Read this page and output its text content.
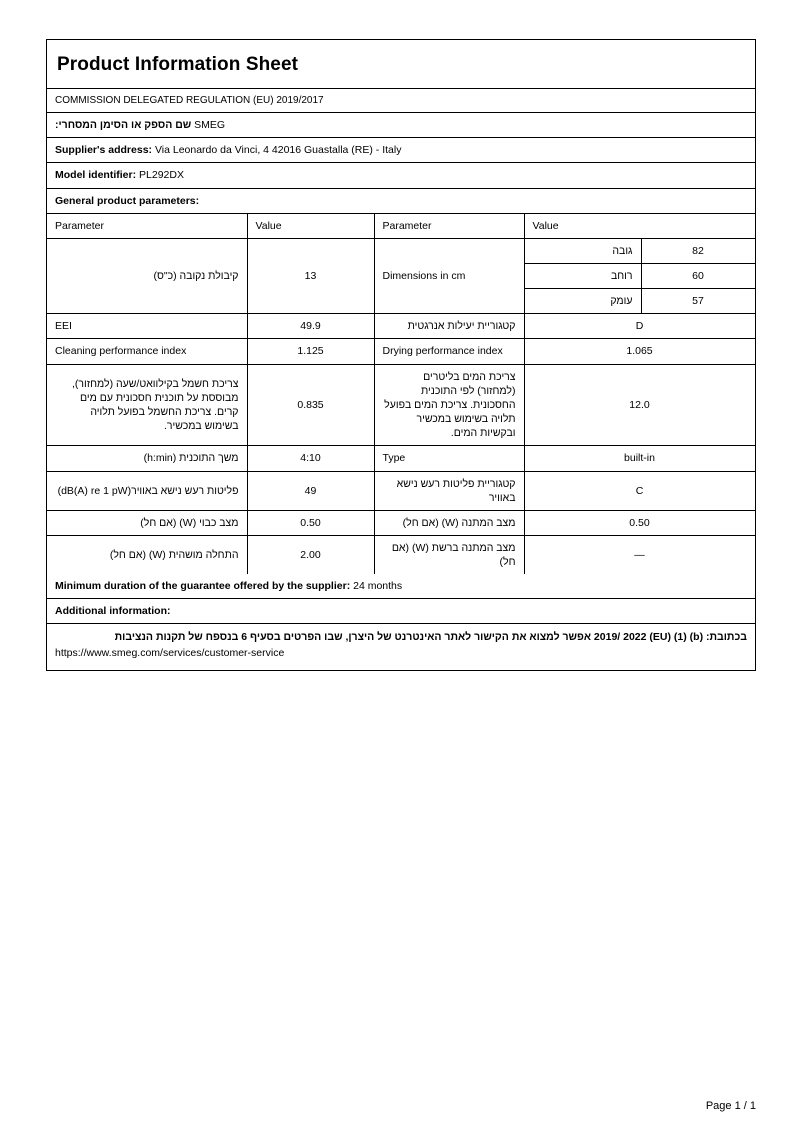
Product Information Sheet
COMMISSION DELEGATED REGULATION (EU) 2019/2017
שם הספק או הסימן המסחרי: SMEG
Supplier's address: Via Leonardo da Vinci, 4 42016 Guastalla (RE) - Italy
Model identifier: PL292DX
General product parameters:
Parameter	Value	Parameter	Value	
קיבולת נקובה (כ"ס)	13	Dimensions in cm	גובה	82
			רוחב	60
			עומק	57
EEI	49.9	קטגוריית יעילות אנרגטית	D	
Cleaning performance index	1.125	Drying performance index	1.065	
צריכת חשמל בקילוואט/שעה (למחזור), מבוססת על תוכנית חסכונית עם מים קרים. צריכת החשמל בפועל תלויה בשימוש במכשיר.	0.835	צריכת המים בליטרים (למחזור) לפי התוכנית החסכונית. צריכת המים בפועל תלויה בשימוש במכשיר ובקשיות המים.	12.0	
משך התוכנית (h:min)	4:10	Type	built-in	
פליטות רעש נישא באוויר(dB(A) re 1 pW)	49	קטגוריית פליטות רעש נישא באוויר	C	
מצב כבוי (W) (אם חל)	0.50	מצב המתנה (W) (אם חל)	0.50	
התחלה מושהית (W) (אם חל)	2.00	מצב המתנה ברשת (W) (אם חל)	—	
Minimum duration of the guarantee offered by the supplier: 24 months
Additional information:
בכתובת: (b) (1) 2019/ 2022 (EU) אפשר למצוא את הקישור לאתר האינטרנט של היצרן, שבו הפרטים בסעיף 6 בנספח של תקנות הנציבות
https://www.smeg.com/services/customer-service
Page 1 / 1
